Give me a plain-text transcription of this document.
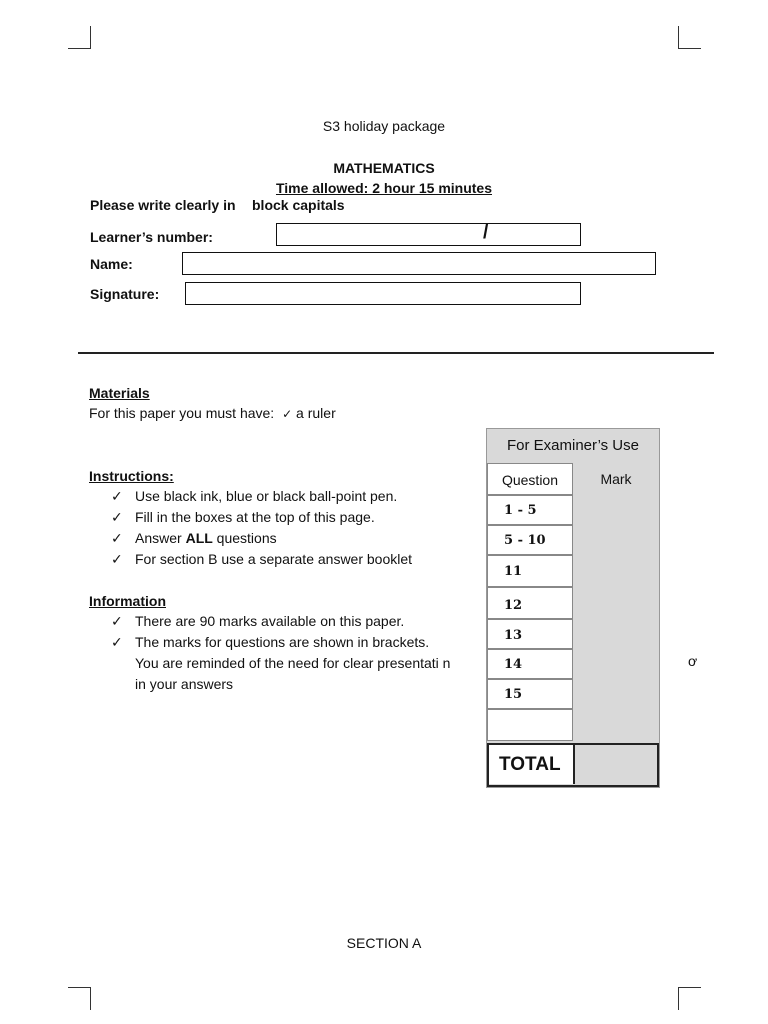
S3 holiday package
MATHEMATICS
Time allowed: 2 hour 15 minutes
Please write clearly in block capitals
Learner’s number:	/
Name:
Signature:
Materials
For this paper you must have: ✓ a ruler
Instructions:
✓ Use black ink, blue or black ball-point pen.
✓ Fill in the boxes at the top of this page.
✓ Answer ALL questions
✓ For section B use a separate answer booklet
Information
✓ There are 90 marks available on this paper.
✓ The marks for questions are shown in brackets.
You are reminded of the need for clear presentati n in your answers
For Examiner’s Use
Question	Mark
1 - 5
5 - 10
11
12
13
14
15
TOTAL
ơ
SECTION A
